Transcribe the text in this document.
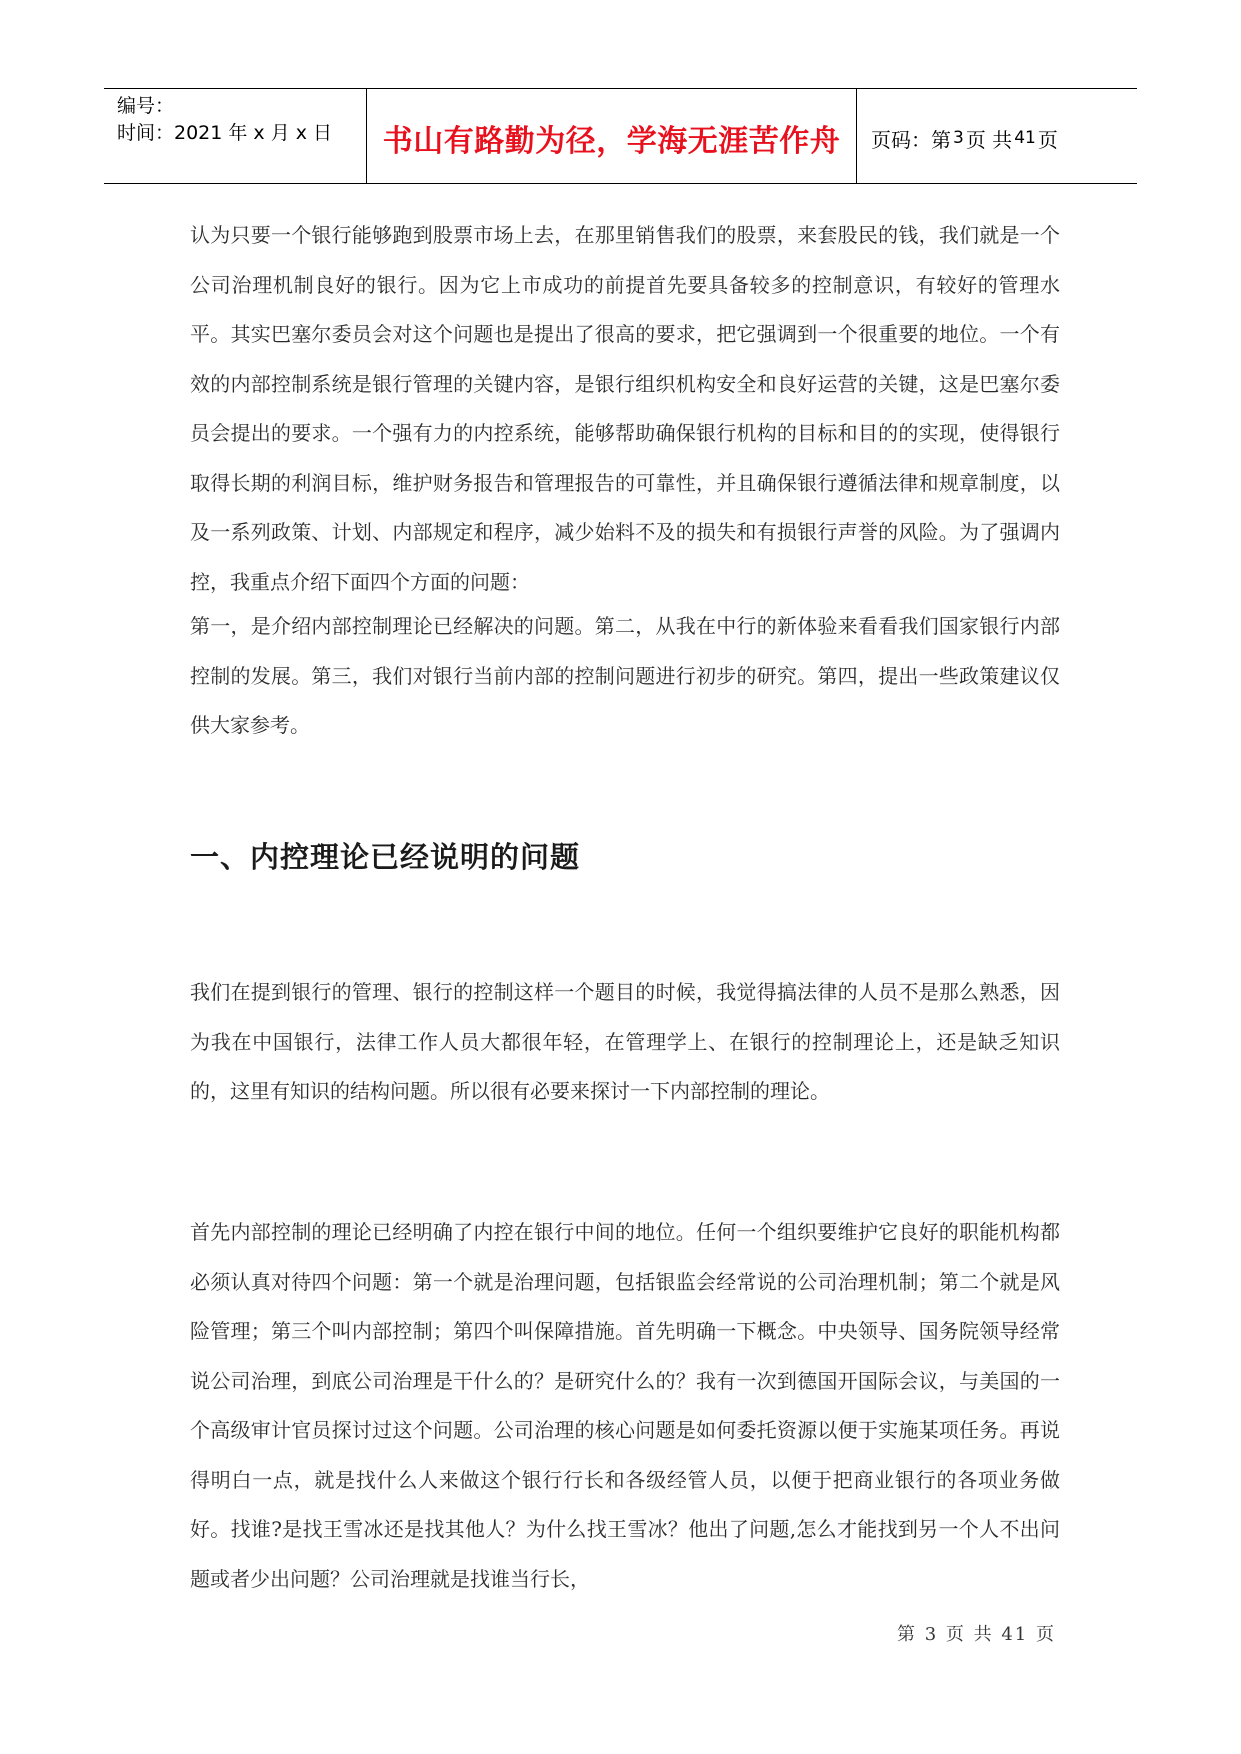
编号：
时间：2021 年 x 月 x 日	书山有路勤为径，学海无涯苦作舟 页码：第 3 页 共 41 页

认为只要一个银行能够跑到股票市场上去，在那里销售我们的股票，来套股民的钱，我们就是一个公司治理机制良好的银行。因为它上市成功的前提首先要具备较多的控制意识，有较好的管理水平。其实巴塞尔委员会对这个问题也是提出了很高的要求，把它强调到一个很重要的地位。一个有效的内部控制系统是银行管理的关键内容，是银行组织机构安全和良好运营的关键，这是巴塞尔委员会提出的要求。一个强有力的内控系统，能够帮助确保银行机构的目标和目的的实现，使得银行取得长期的利润目标，维护财务报告和管理报告的可靠性，并且确保银行遵循法律和规章制度，以及一系列政策、计划、内部规定和程序，减少始料不及的损失和有损银行声誉的风险。为了强调内控，我重点介绍下面四个方面的问题：

第一，是介绍内部控制理论已经解决的问题。第二，从我在中行的新体验来看看我们国家银行内部控制的发展。第三，我们对银行当前内部的控制问题进行初步的研究。第四，提出一些政策建议仅供大家参考。

一、内控理论已经说明的问题

我们在提到银行的管理、银行的控制这样一个题目的时候，我觉得搞法律的人员不是那么熟悉，因为我在中国银行，法律工作人员大都很年轻，在管理学上、在银行的控制理论上，还是缺乏知识的，这里有知识的结构问题。所以很有必要来探讨一下内部控制的理论。

首先内部控制的理论已经明确了内控在银行中间的地位。任何一个组织要维护它良好的职能机构都必须认真对待四个问题：第一个就是治理问题，包括银监会经常说的公司治理机制；第二个就是风险管理；第三个叫内部控制；第四个叫保障措施。首先明确一下概念。中央领导、国务院领导经常说公司治理，到底公司治理是干什么的？是研究什么的？我有一次到德国开国际会议，与美国的一个高级审计官员探讨过这个问题。公司治理的核心问题是如何委托资源以便于实施某项任务。再说得明白一点，就是找什么人来做这个银行行长和各级经管人员，以便于把商业银行的各项业务做好。找谁?是找王雪冰还是找其他人？为什么找王雪冰？他出了问题,怎么才能找到另一个人不出问题或者少出问题？公司治理就是找谁当行长，

第 3 页 共 41 页
